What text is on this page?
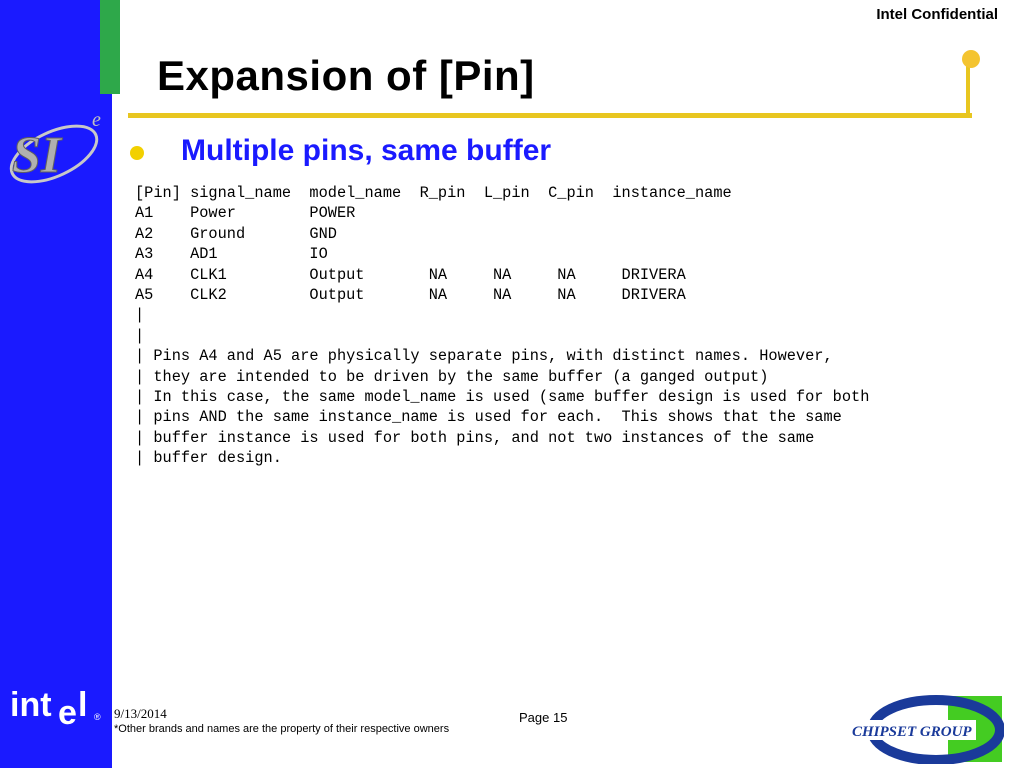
SI
e
Intel Confidential
Expansion of [Pin]
Multiple pins, same buffer
[Pin] signal_name  model_name  R_pin  L_pin  C_pin  instance_name
A1    Power        POWER
A2    Ground       GND
A3    AD1          IO
A4    CLK1         Output       NA     NA     NA     DRIVERA
A5    CLK2         Output       NA     NA     NA     DRIVERA
|
|
| Pins A4 and A5 are physically separate pins, with distinct names. However,
| they are intended to be driven by the same buffer (a ganged output)
| In this case, the same model_name is used (same buffer design is used for both
| pins AND the same instance_name is used for each.  This shows that the same
| buffer instance is used for both pins, and not two instances of the same
| buffer design.
int e l ® 9/13/2014
*Other brands and names are the property of their respective owners
Page 15
CHIPSET GROUP
